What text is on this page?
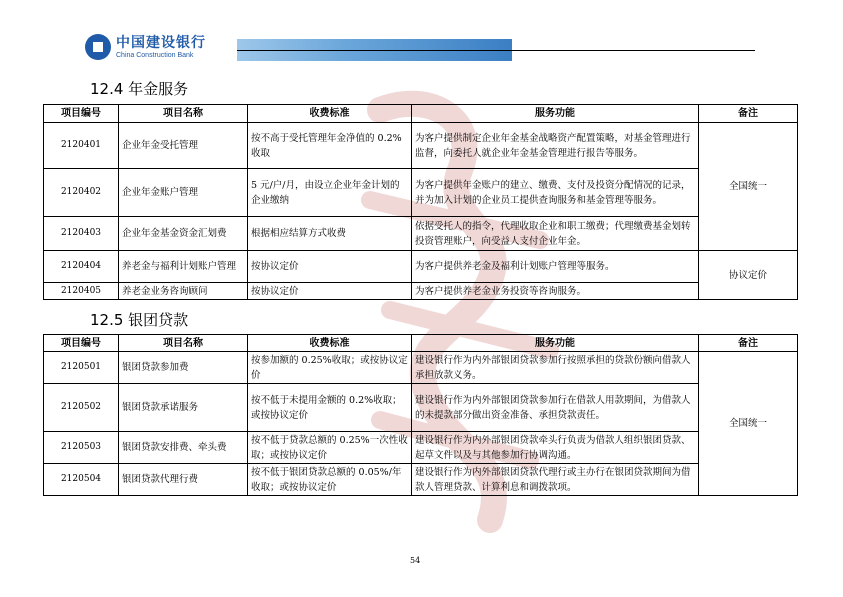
中国建设银行
China Construction Bank
12.4 年金服务
项目编号	项目名称	收费标准	服务功能	备注
2120401	企业年金受托管理	按不高于受托管理年金净值的 0.2%收取	为客户提供制定企业年金基金战略资产配置策略，对基金管理进行监督，向委托人就企业年金基金管理进行报告等服务。	全国统一
2120402	企业年金账户管理	5 元/户/月，由设立企业年金计划的企业缴纳	为客户提供年金账户的建立、缴费、支付及投资分配情况的记录，并为加入计划的企业员工提供查询服务和基金管理等服务。	
2120403	企业年金基金资金汇划费	根据相应结算方式收费	依据受托人的指令，代理收取企业和职工缴费；代理缴费基金划转投资管理账户，向受益人支付企业年金。	
2120404	养老金与福利计划账户管理	按协议定价	为客户提供养老金及福利计划账户管理等服务。	协议定价
2120405	养老金业务咨询顾问	按协议定价	为客户提供养老金业务投资等咨询服务。	
12.5 银团贷款
项目编号	项目名称	收费标准	服务功能	备注
2120501	银团贷款参加费	按参加额的 0.25%收取；或按协议定价	建设银行作为内外部银团贷款参加行按照承担的贷款份额向借款人承担放款义务。	全国统一
2120502	银团贷款承诺服务	按不低于未提用金额的 0.2%收取；或按协议定价	建设银行作为内外部银团贷款参加行在借款人用款期间，为借款人的未提款部分做出资金准备、承担贷款责任。	
2120503	银团贷款安排费、牵头费	按不低于贷款总额的 0.25%一次性收取；或按协议定价	建设银行作为内外部银团贷款牵头行负责为借款人组织银团贷款、起草文件以及与其他参加行协调沟通。	
2120504	银团贷款代理行费	按不低于银团贷款总额的 0.05%/年收取；或按协议定价	建设银行作为内外部银团贷款代理行或主办行在银团贷款期间为借款人管理贷款、计算利息和调拨款项。	
54
